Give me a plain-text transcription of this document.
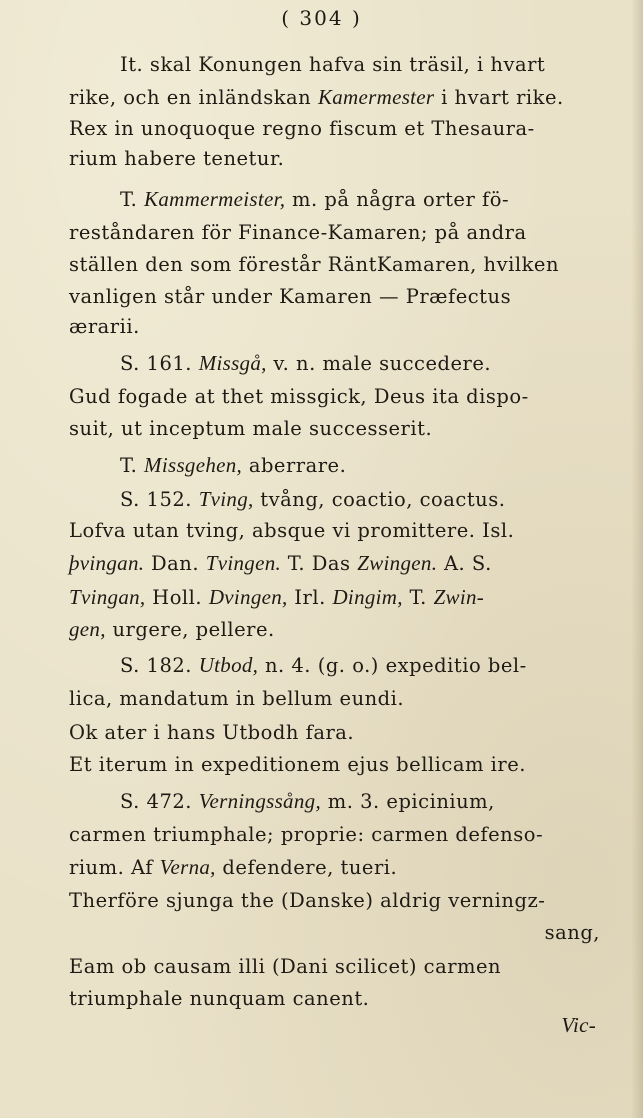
( 304 )
It. skal Konungen hafva sin träsil, i hvart
rike, och en inländskan Kamermester i hvart rike.
Rex in unoquoque regno fiscum et Thesaura-
rium habere tenetur.
T. Kammermeister, m. på några orter fö-
reståndaren för Finance-Kamaren; på andra
ställen den som förestår RäntKamaren, hvilken
vanligen står under Kamaren — Præfectus
ærarii.
S. 161. Missgå, v. n. male succedere.
Gud fogade at thet missgick, Deus ita dispo-
suit, ut inceptum male successerit.
T. Missgehen, aberrare.
S. 152. Tving, tvång, coactio, coactus.
Lofva utan tving, absque vi promittere. Isl.
þvingan. Dan. Tvingen. T. Das Zwingen. A. S.
Tvingan, Holl. Dvingen, Irl. Dingim, T. Zwin-
gen, urgere, pellere.
S. 182. Utbod, n. 4. (g. o.) expeditio bel-
lica, mandatum in bellum eundi.
Ok ater i hans Utbodh fara.
Et iterum in expeditionem ejus bellicam ire.
S. 472. Verningssång, m. 3. epicinium,
carmen triumphale; proprie: carmen defenso-
rium. Af Verna, defendere, tueri.
Therföre sjunga the (Danske) aldrig verningz-
sang,
Eam ob causam illi (Dani scilicet) carmen
triumphale nunquam canent.
Vic-
